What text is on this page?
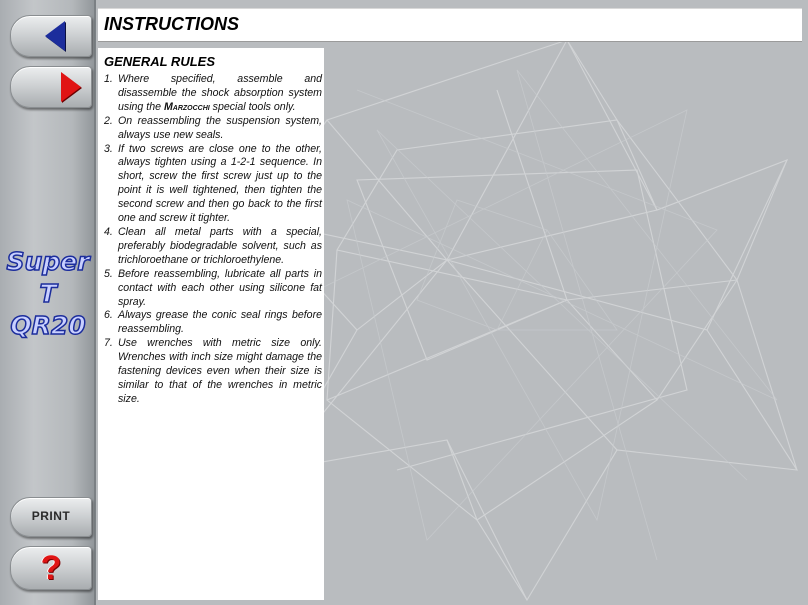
Super T
QR20
PRINT
?
INSTRUCTIONS
GENERAL RULES
1. Where specified, assemble and disassemble the shock absorption system using the Marzocchi special tools only.
2. On reassembling the suspension system, always use new seals.
3. If two screws are close one to the other, always tighten using a 1-2-1 sequence. In short, screw the first screw just up to the point it is well tightened, then tighten the second screw and then go back to the first one and screw it tighter.
4. Clean all metal parts with a special, preferably biodegradable solvent, such as trichloroethane or trichloroethylene.
5. Before reassembling, lubricate all parts in contact with each other using silicone fat spray.
6. Always grease the conic seal rings before reassembling.
7. Use wrenches with metric size only. Wrenches with inch size might damage the fastening devices even when their size is similar to that of the wrenches in metric size.
